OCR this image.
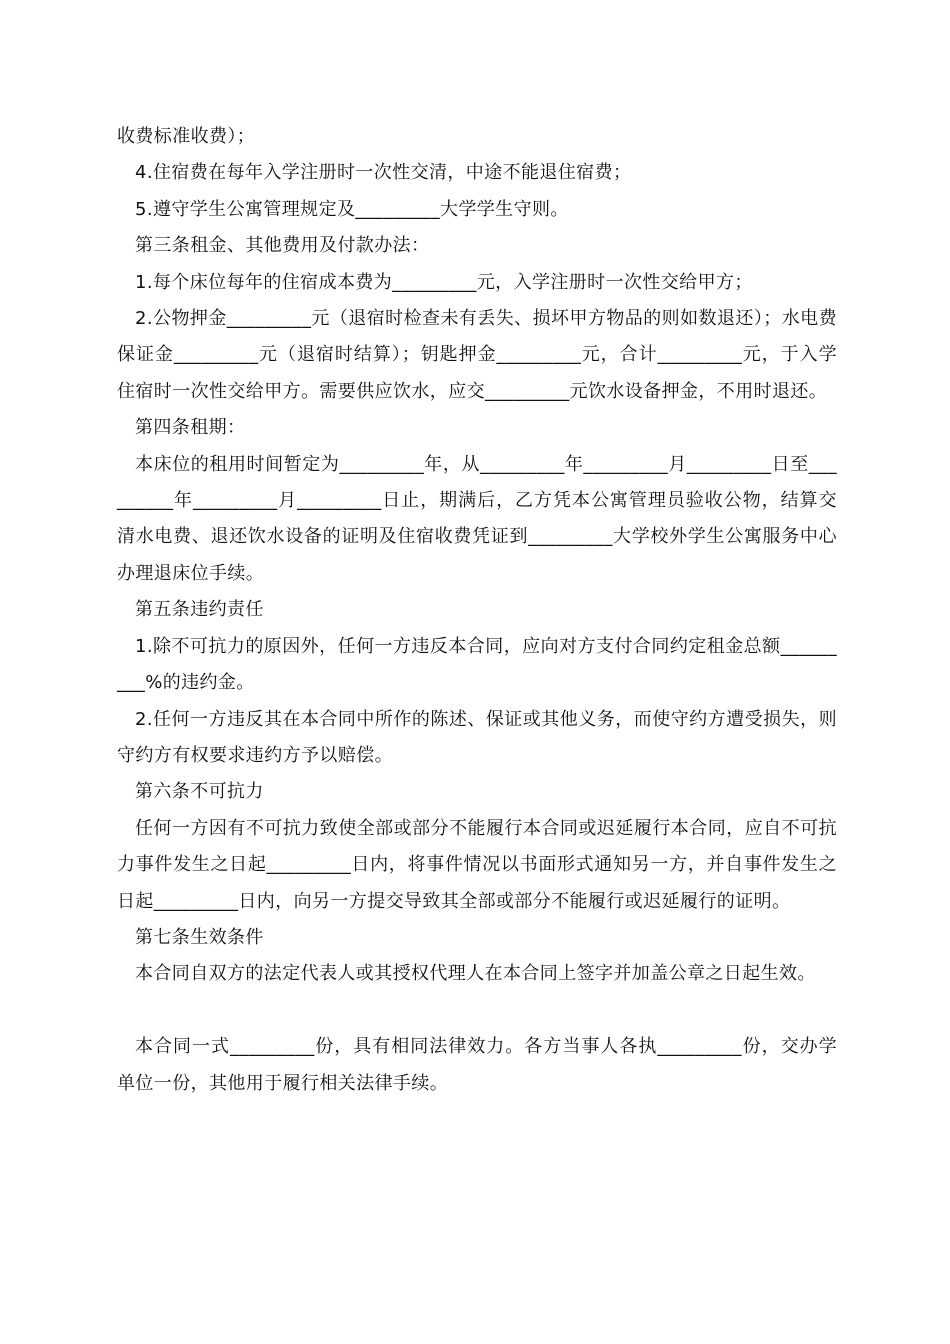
收费标准收费）；

4.住宿费在每年入学注册时一次性交清，中途不能退住宿费；

5.遵守学生公寓管理规定及_________大学学生守则。

第三条租金、其他费用及付款办法：

1.每个床位每年的住宿成本费为_________元，入学注册时一次性交给甲方；

2.公物押金_________元（退宿时检查未有丢失、损坏甲方物品的则如数退还）；水电费保证金_________元（退宿时结算）；钥匙押金_________元，合计_________元，于入学住宿时一次性交给甲方。需要供应饮水，应交_________元饮水设备押金，不用时退还。

第四条租期：

本床位的租用时间暂定为_________年，从_________年_________月_________日至_________年_________月_________日止，期满后，乙方凭本公寓管理员验收公物，结算交清水电费、退还饮水设备的证明及住宿收费凭证到_________大学校外学生公寓服务中心办理退床位手续。

第五条违约责任

1.除不可抗力的原因外，任何一方违反本合同，应向对方支付合同约定租金总额_________%的违约金。

2.任何一方违反其在本合同中所作的陈述、保证或其他义务，而使守约方遭受损失，则守约方有权要求违约方予以赔偿。

第六条不可抗力

任何一方因有不可抗力致使全部或部分不能履行本合同或迟延履行本合同，应自不可抗力事件发生之日起_________日内，将事件情况以书面形式通知另一方，并自事件发生之日起_________日内，向另一方提交导致其全部或部分不能履行或迟延履行的证明。

第七条生效条件

本合同自双方的法定代表人或其授权代理人在本合同上签字并加盖公章之日起生效。

本合同一式_________份，具有相同法律效力。各方当事人各执_________份，交办学单位一份，其他用于履行相关法律手续。
